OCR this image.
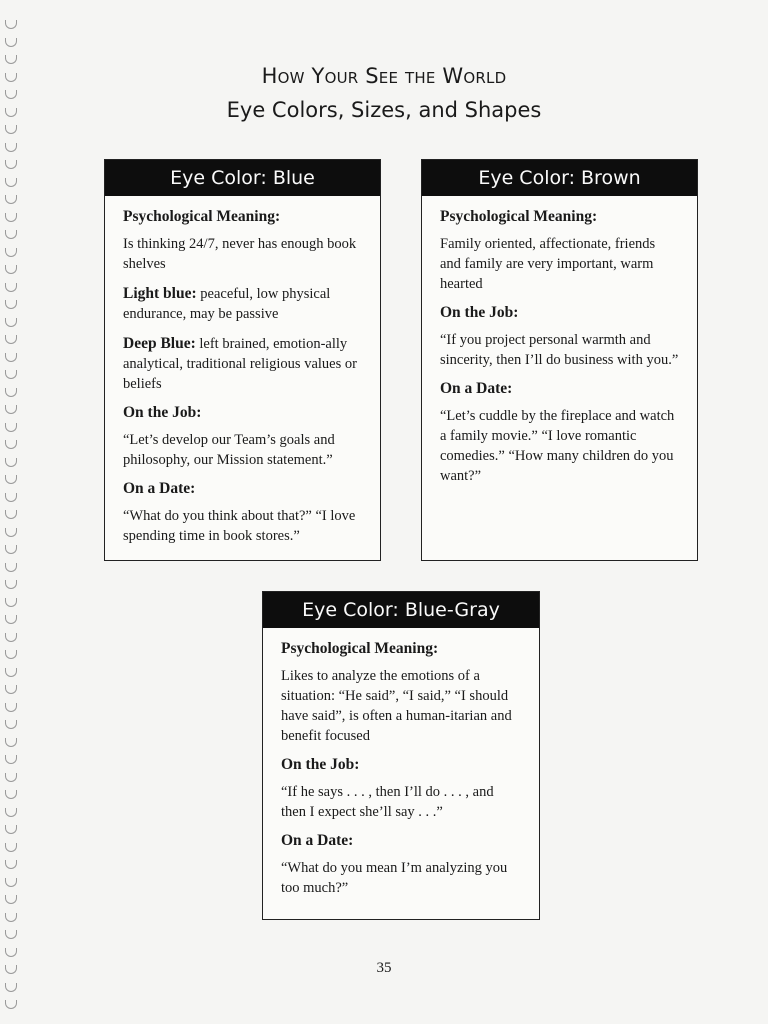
How Your See the World
Eye Colors, Sizes, and Shapes
Eye Color: Blue
Psychological Meaning:
Is thinking 24/7, never has enough book shelves
Light blue: peaceful, low physical endurance, may be passive
Deep Blue: left brained, emotion-ally analytical, traditional religious values or beliefs
On the Job:
“Let’s develop our Team’s goals and philosophy, our Mission statement.”
On a Date:
“What do you think about that?” “I love spending time in book stores.”
Eye Color: Brown
Psychological Meaning:
Family oriented, affectionate, friends and family are very important, warm hearted
On the Job:
“If you project personal warmth and sincerity, then I’ll do business with you.”
On a Date:
“Let’s cuddle by the fireplace and watch a family movie.” “I love romantic comedies.” “How many children do you want?”
Eye Color: Blue-Gray
Psychological Meaning:
Likes to analyze the emotions of a situation: “He said”, “I said,” “I should have said”, is often a human-itarian and benefit focused
On the Job:
“If he says . . . , then I’ll do . . . , and then I expect she’ll say . . .”
On a Date:
“What do you mean I’m analyzing you too much?”
35
